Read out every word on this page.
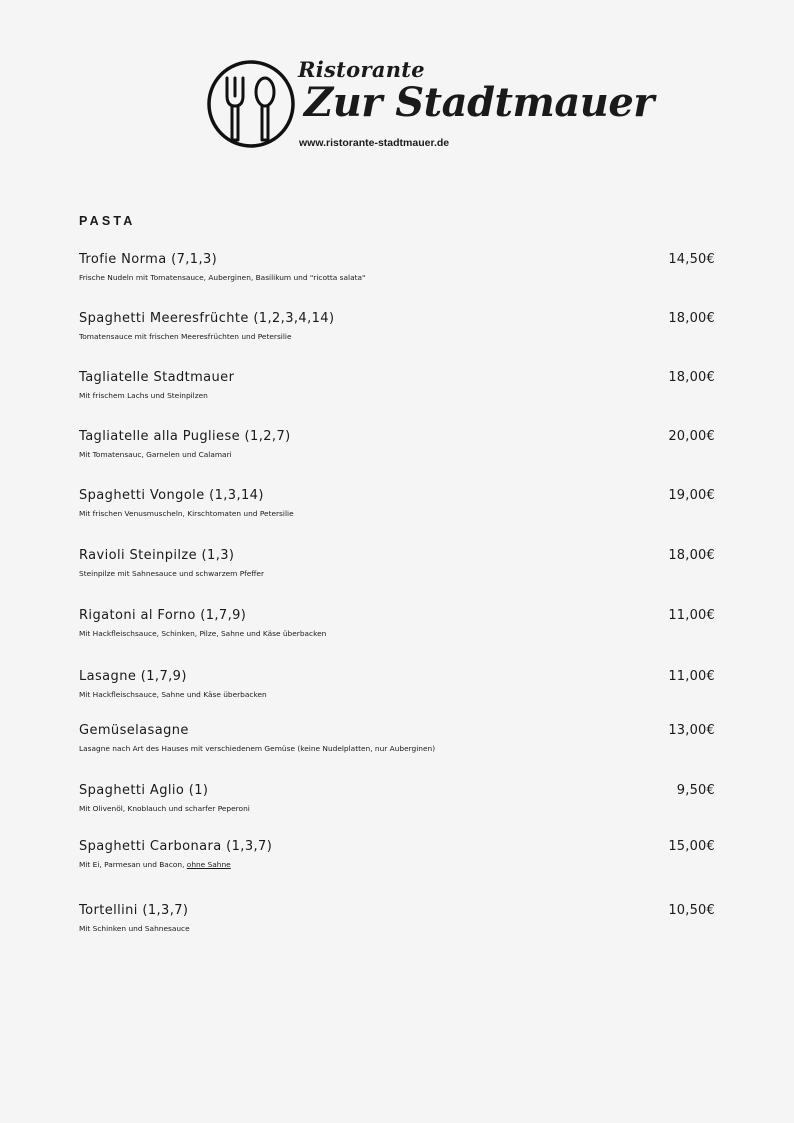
Ristorante
Zur Stadtmauer
www.ristorante-stadtmauer.de
PASTA
Trofie Norma (7,1,3)	14,50€
Frische Nudeln mit Tomatensauce, Auberginen, Basilikum und "ricotta salata"
Spaghetti Meeresfrüchte (1,2,3,4,14)	18,00€
Tomatensauce mit frischen Meeresfrüchten und Petersilie
Tagliatelle Stadtmauer	18,00€
Mit frischem Lachs und Steinpilzen
Tagliatelle alla Pugliese (1,2,7)	20,00€
Mit Tomatensauc, Garnelen und Calamari
Spaghetti Vongole (1,3,14)	19,00€
Mit frischen Venusmuscheln, Kirschtomaten und Petersilie
Ravioli Steinpilze (1,3)	18,00€
Steinpilze mit Sahnesauce und schwarzem Pfeffer
Rigatoni al Forno (1,7,9)	11,00€
Mit Hackfleischsauce, Schinken, Pilze, Sahne und Käse überbacken
Lasagne (1,7,9)	11,00€
Mit Hackfleischsauce, Sahne und Käse überbacken
Gemüselasagne	13,00€
Lasagne nach Art des Hauses mit verschiedenem Gemüse (keine Nudelplatten, nur Auberginen)
Spaghetti Aglio (1)	9,50€
Mit Olivenöl, Knoblauch und scharfer Peperoni
Spaghetti Carbonara (1,3,7)	15,00€
Mit Ei, Parmesan und Bacon, ohne Sahne
Tortellini (1,3,7)	10,50€
Mit Schinken und Sahnesauce
